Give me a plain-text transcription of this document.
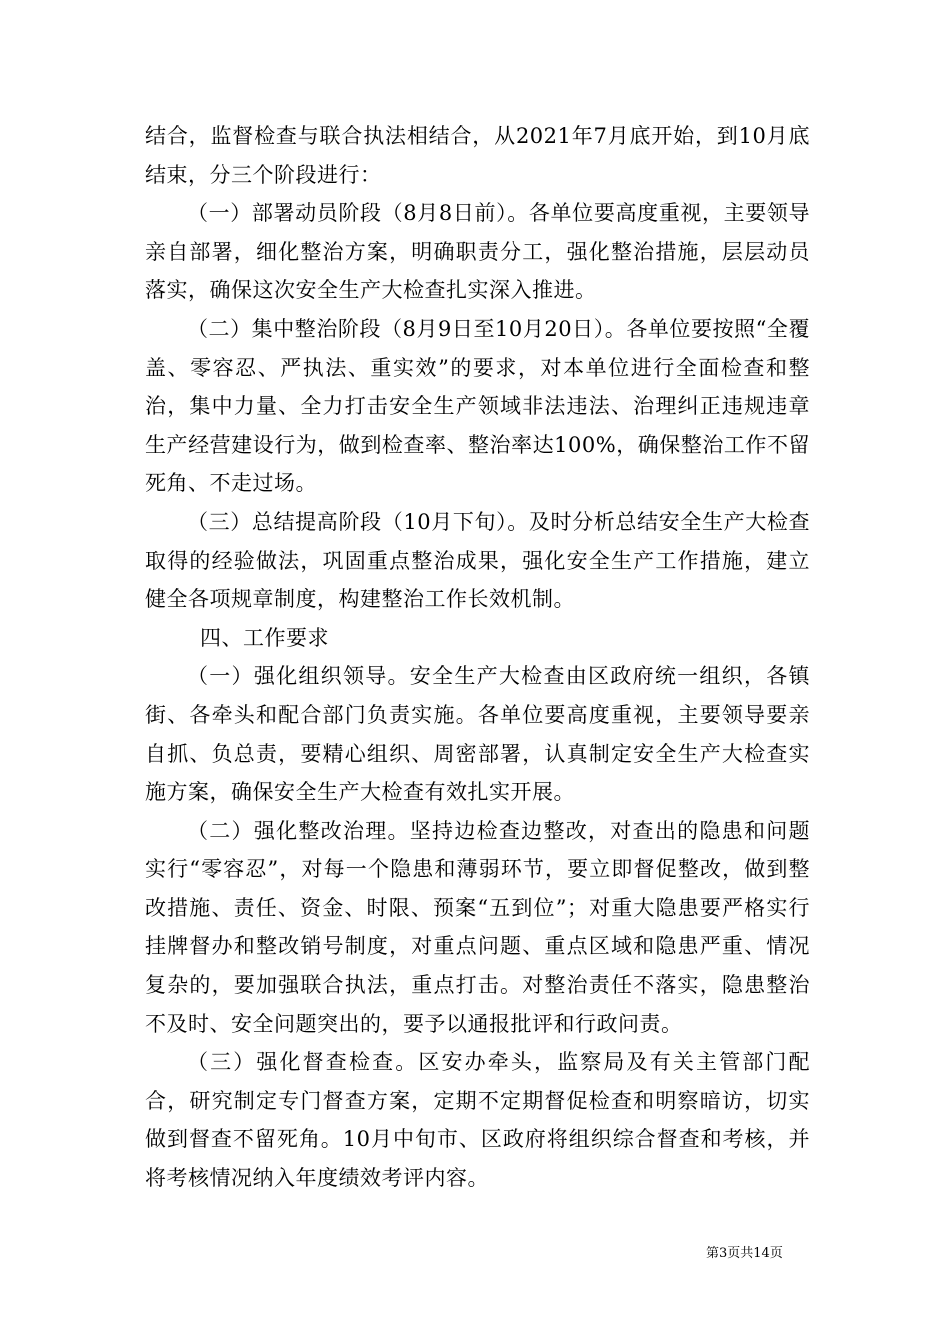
结合，监督检查与联合执法相结合，从2021年7月底开始，到10月底结束，分三个阶段进行：

（一）部署动员阶段（8月8日前）。各单位要高度重视，主要领导亲自部署，细化整治方案，明确职责分工，强化整治措施，层层动员落实，确保这次安全生产大检查扎实深入推进。

（二）集中整治阶段（8月9日至10月20日）。各单位要按照“全覆盖、零容忍、严执法、重实效”的要求，对本单位进行全面检查和整治，集中力量、全力打击安全生产领域非法违法、治理纠正违规违章生产经营建设行为，做到检查率、整治率达100%，确保整治工作不留死角、不走过场。

（三）总结提高阶段（10月下旬）。及时分析总结安全生产大检查取得的经验做法，巩固重点整治成果，强化安全生产工作措施，建立健全各项规章制度，构建整治工作长效机制。

四、工作要求

（一）强化组织领导。安全生产大检查由区政府统一组织，各镇街、各牵头和配合部门负责实施。各单位要高度重视，主要领导要亲自抓、负总责，要精心组织、周密部署，认真制定安全生产大检查实施方案，确保安全生产大检查有效扎实开展。

（二）强化整改治理。坚持边检查边整改，对查出的隐患和问题实行“零容忍”，对每一个隐患和薄弱环节，要立即督促整改，做到整改措施、责任、资金、时限、预案“五到位”；对重大隐患要严格实行挂牌督办和整改销号制度，对重点问题、重点区域和隐患严重、情况复杂的，要加强联合执法，重点打击。对整治责任不落实，隐患整治不及时、安全问题突出的，要予以通报批评和行政问责。

（三）强化督查检查。区安办牵头，监察局及有关主管部门配合，研究制定专门督查方案，定期不定期督促检查和明察暗访，切实做到督查不留死角。10月中旬市、区政府将组织综合督查和考核，并将考核情况纳入年度绩效考评内容。

第3页共14页
